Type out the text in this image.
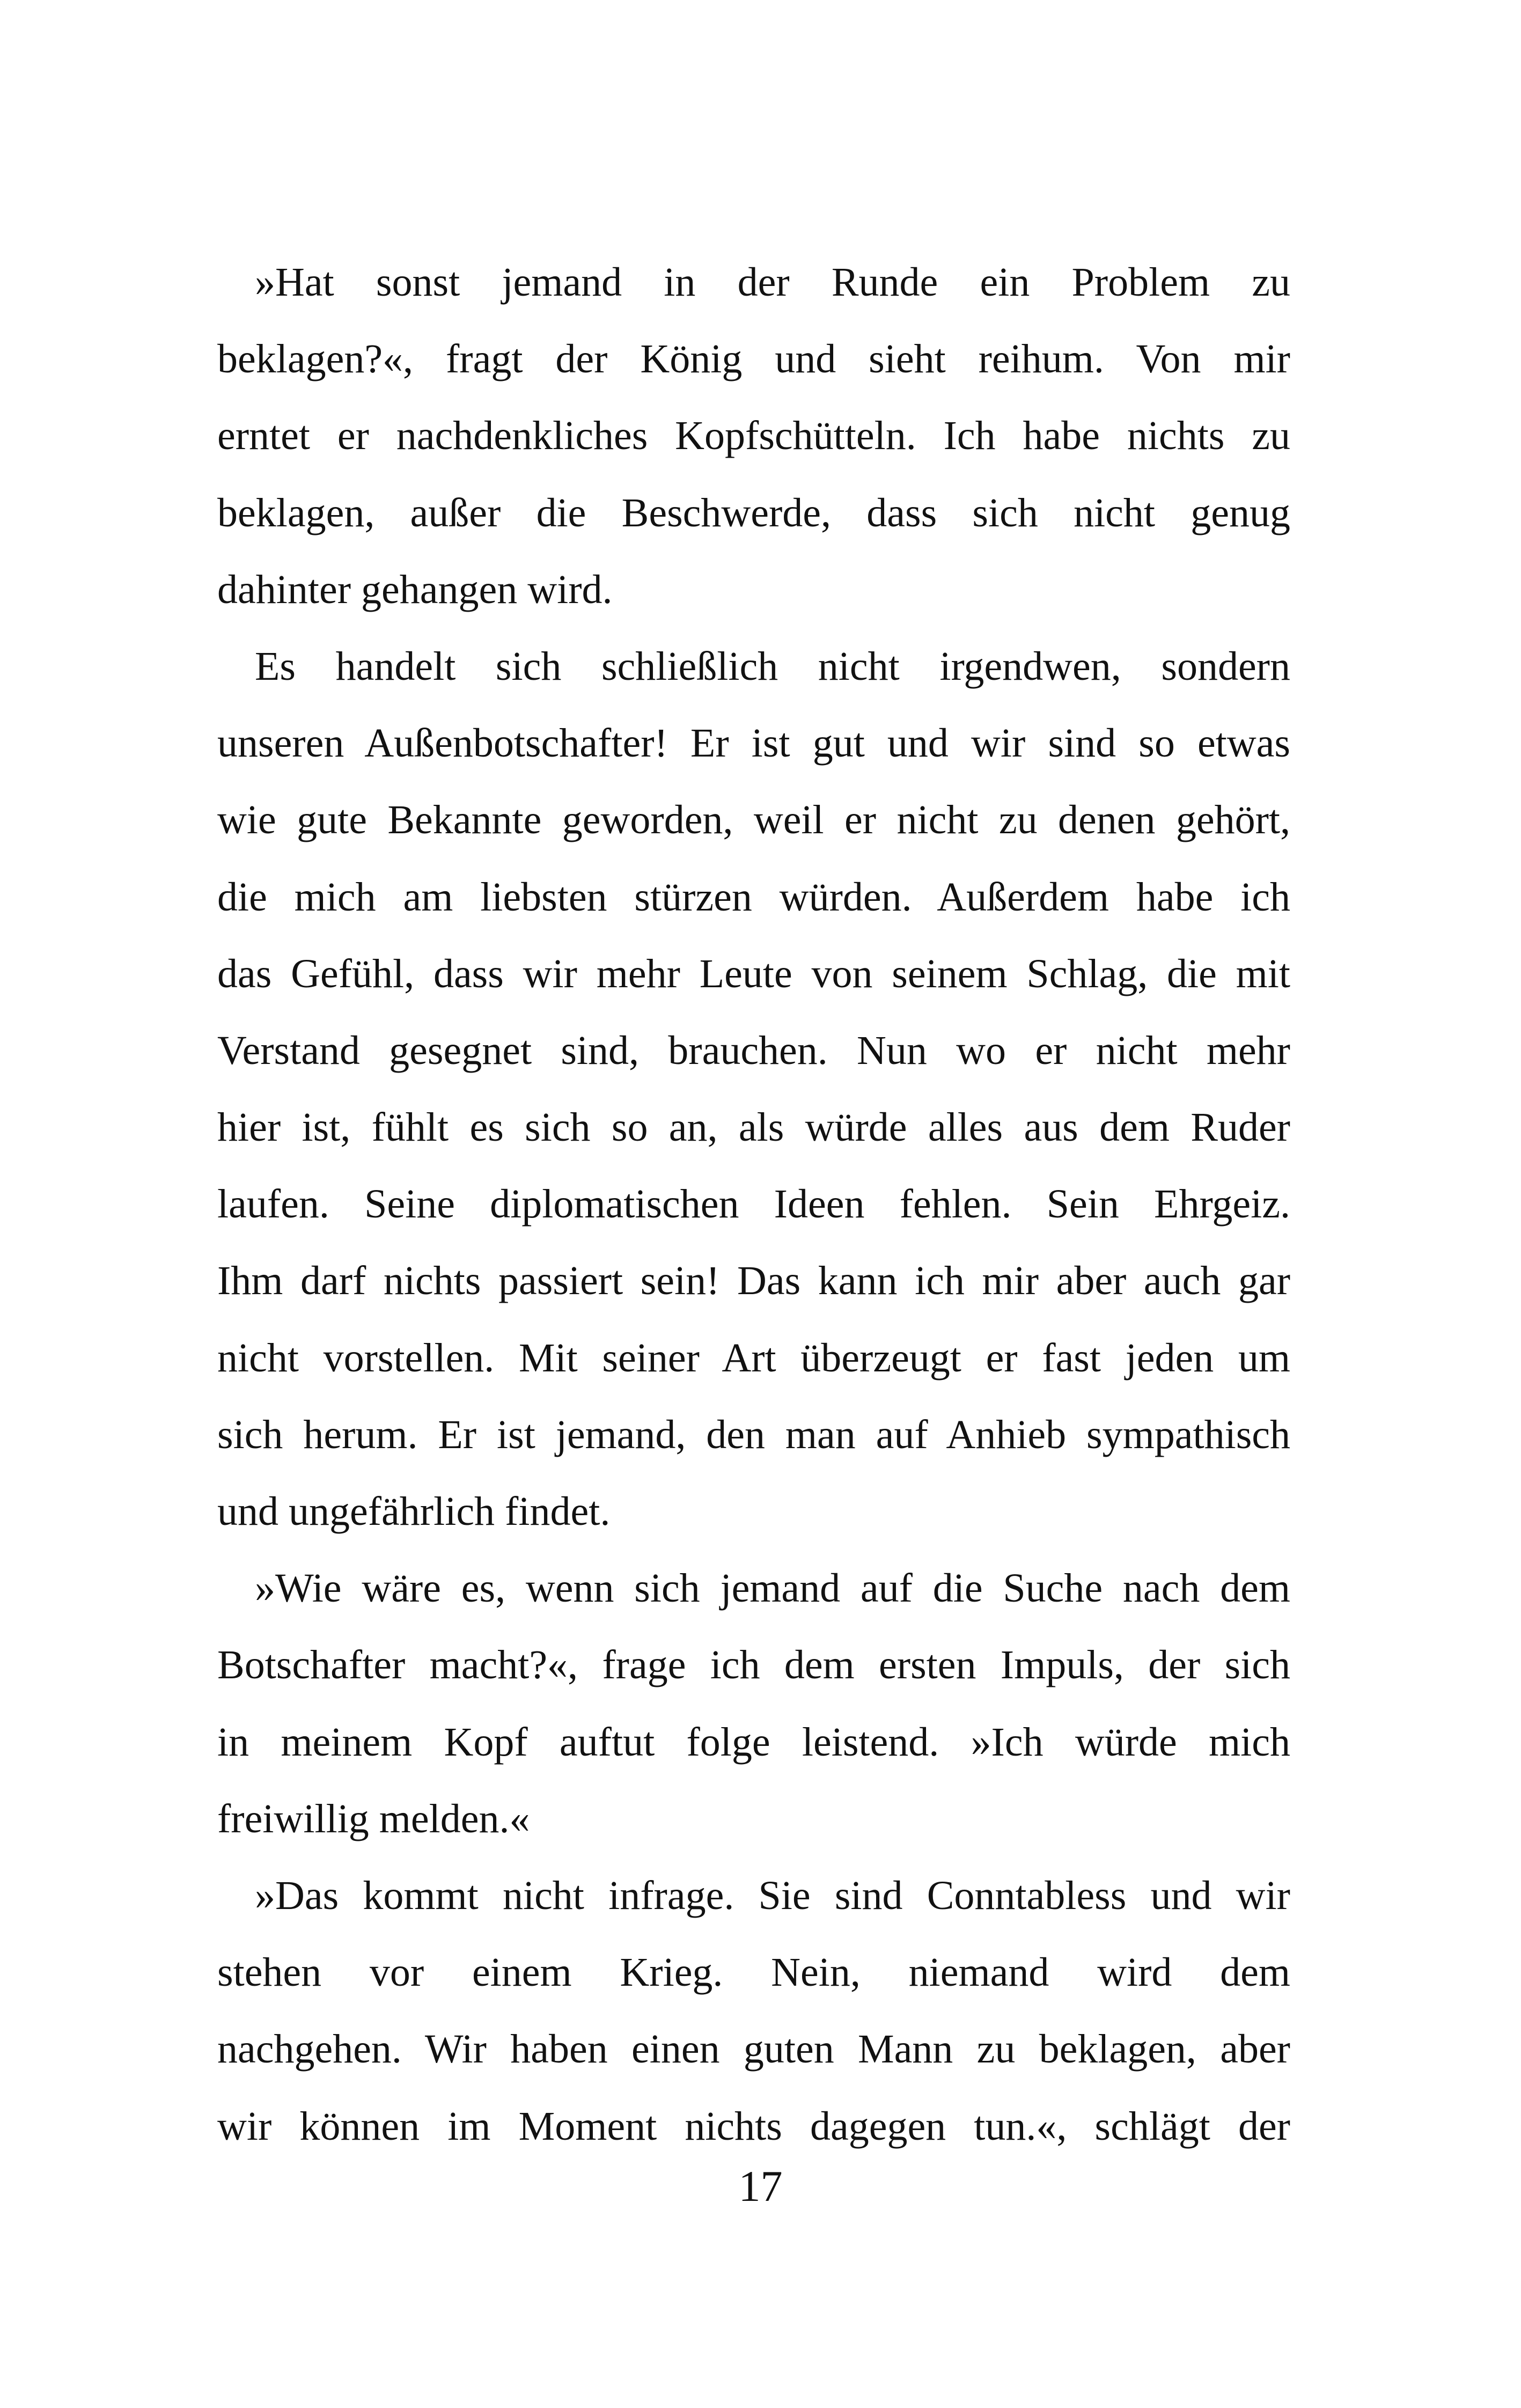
»Hat sonst jemand in der Runde ein Problem zu
beklagen?«, fragt der König und sieht reihum. Von mir
erntet er nachdenkliches Kopfschütteln. Ich habe nichts zu
beklagen, außer die Beschwerde, dass sich nicht genug
dahinter gehangen wird.
Es handelt sich schließlich nicht irgendwen, sondern
unseren Außenbotschafter! Er ist gut und wir sind so etwas
wie gute Bekannte geworden, weil er nicht zu denen gehört,
die mich am liebsten stürzen würden. Außerdem habe ich
das Gefühl, dass wir mehr Leute von seinem Schlag, die mit
Verstand gesegnet sind, brauchen. Nun wo er nicht mehr
hier ist, fühlt es sich so an, als würde alles aus dem Ruder
laufen. Seine diplomatischen Ideen fehlen. Sein Ehrgeiz.
Ihm darf nichts passiert sein! Das kann ich mir aber auch gar
nicht vorstellen. Mit seiner Art überzeugt er fast jeden um
sich herum. Er ist jemand, den man auf Anhieb sympathisch
und ungefährlich findet.
»Wie wäre es, wenn sich jemand auf die Suche nach dem
Botschafter macht?«, frage ich dem ersten Impuls, der sich
in meinem Kopf auftut folge leistend. »Ich würde mich
freiwillig melden.«
»Das kommt nicht infrage. Sie sind Conntabless und wir
stehen vor einem Krieg. Nein, niemand wird dem
nachgehen. Wir haben einen guten Mann zu beklagen, aber
wir können im Moment nichts dagegen tun.«, schlägt der
17
